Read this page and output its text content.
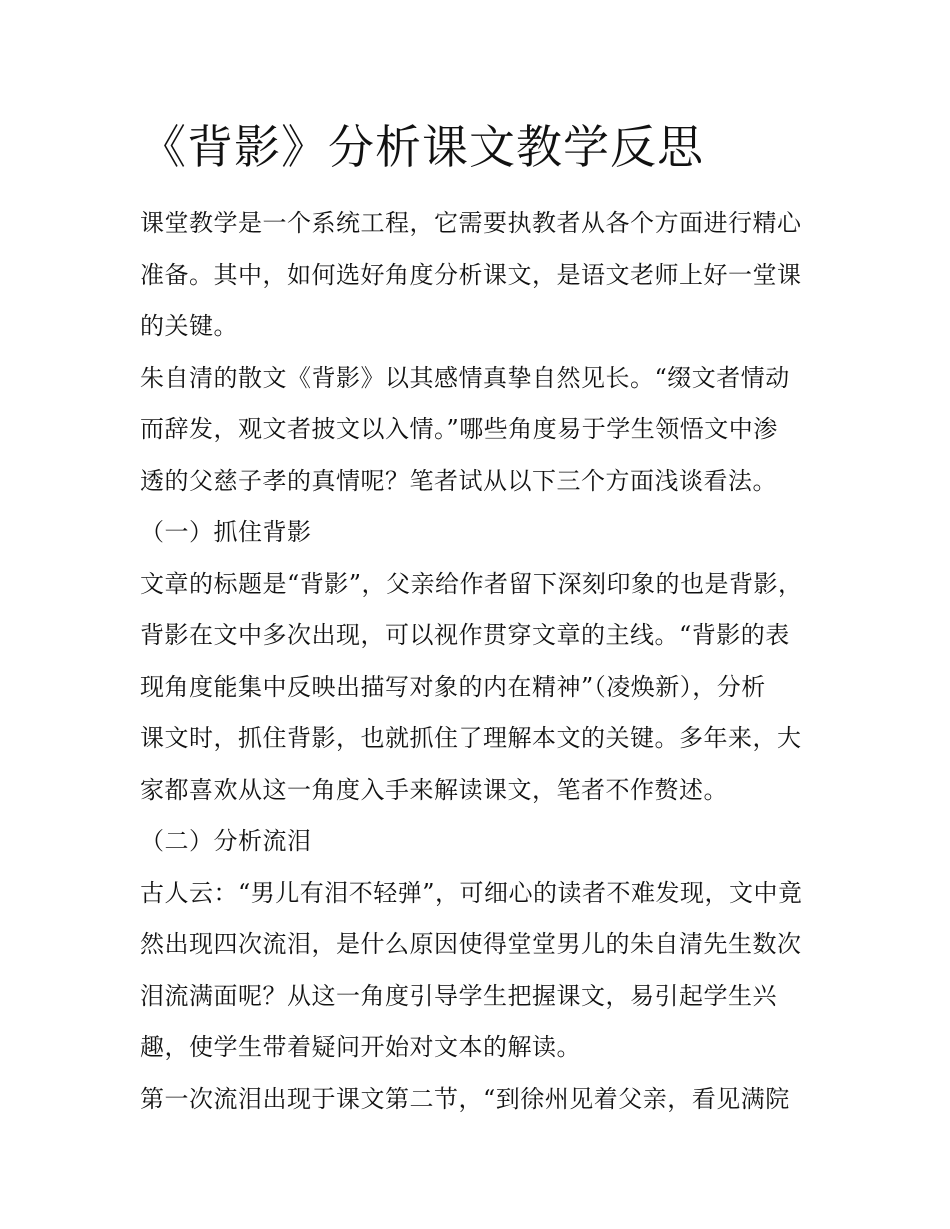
《背影》分析课文教学反思
课堂教学是一个系统工程，它需要执教者从各个方面进行精心
准备。其中，如何选好角度分析课文，是语文老师上好一堂课
的关键。
朱自清的散文《背影》以其感情真挚自然见长。“缀文者情动
而辞发，观文者披文以入情。”哪些角度易于学生领悟文中渗
透的父慈子孝的真情呢？笔者试从以下三个方面浅谈看法。
（一）抓住背影
文章的标题是“背影”，父亲给作者留下深刻印象的也是背影，
背影在文中多次出现，可以视作贯穿文章的主线。“背影的表
现角度能集中反映出描写对象的内在精神”（凌焕新），分析
课文时，抓住背影，也就抓住了理解本文的关键。多年来，大
家都喜欢从这一角度入手来解读课文，笔者不作赘述。
（二）分析流泪
古人云：“男儿有泪不轻弹”，可细心的读者不难发现，文中竟
然出现四次流泪，是什么原因使得堂堂男儿的朱自清先生数次
泪流满面呢？从这一角度引导学生把握课文，易引起学生兴
趣，使学生带着疑问开始对文本的解读。
第一次流泪出现于课文第二节，“到徐州见着父亲，看见满院
